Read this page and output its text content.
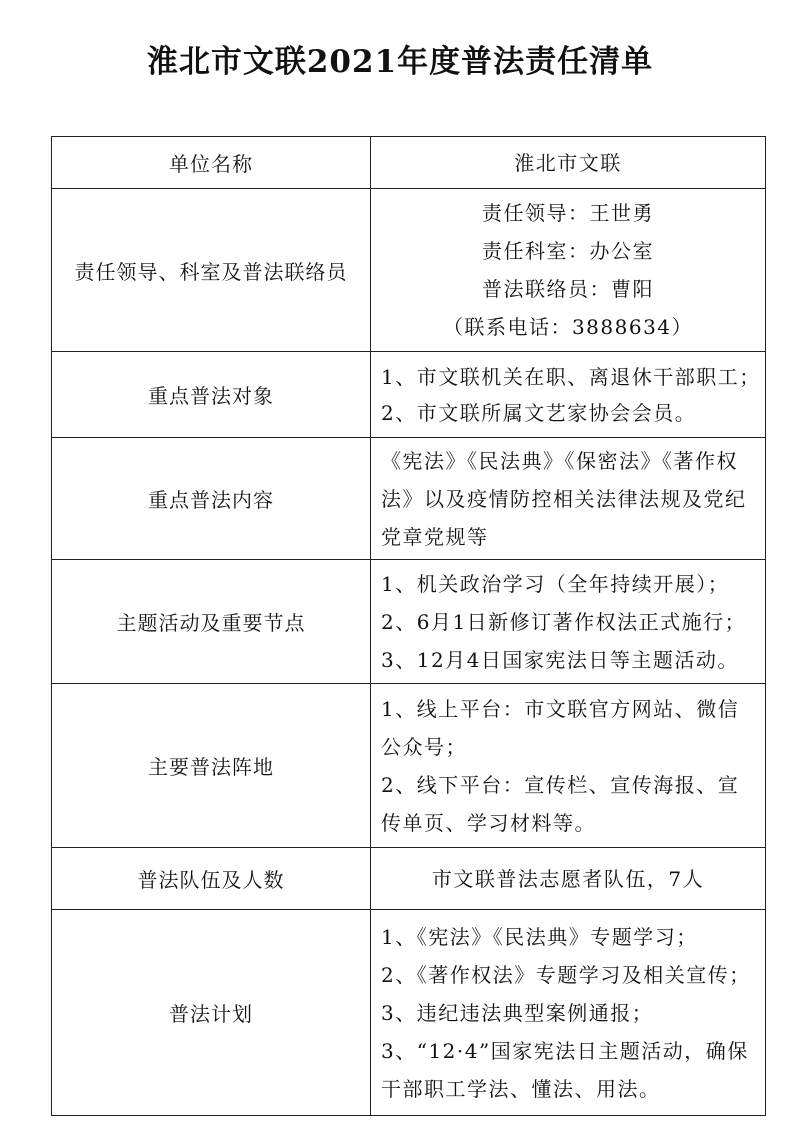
淮北市文联2021年度普法责任清单
单位名称	淮北市文联

责任领导、科室及普法联络员	责任领导：王世勇
责任科室：办公室
普法联络员：曹阳
（联系电话：3888634）

重点普法对象	1、市文联机关在职、离退休干部职工；
2、市文联所属文艺家协会会员。

重点普法内容	《宪法》《民法典》《保密法》《著作权法》以及疫情防控相关法律法规及党纪党章党规等

主题活动及重要节点	1、机关政治学习（全年持续开展）；
2、6月1日新修订著作权法正式施行；
3、12月4日国家宪法日等主题活动。

主要普法阵地	1、线上平台：市文联官方网站、微信公众号；
2、线下平台：宣传栏、宣传海报、宣传单页、学习材料等。

普法队伍及人数	市文联普法志愿者队伍，7人

普法计划	1、《宪法》《民法典》专题学习；
2、《著作权法》专题学习及相关宣传；
3、违纪违法典型案例通报；
3、“12·4”国家宪法日主题活动，确保干部职工学法、懂法、用法。
